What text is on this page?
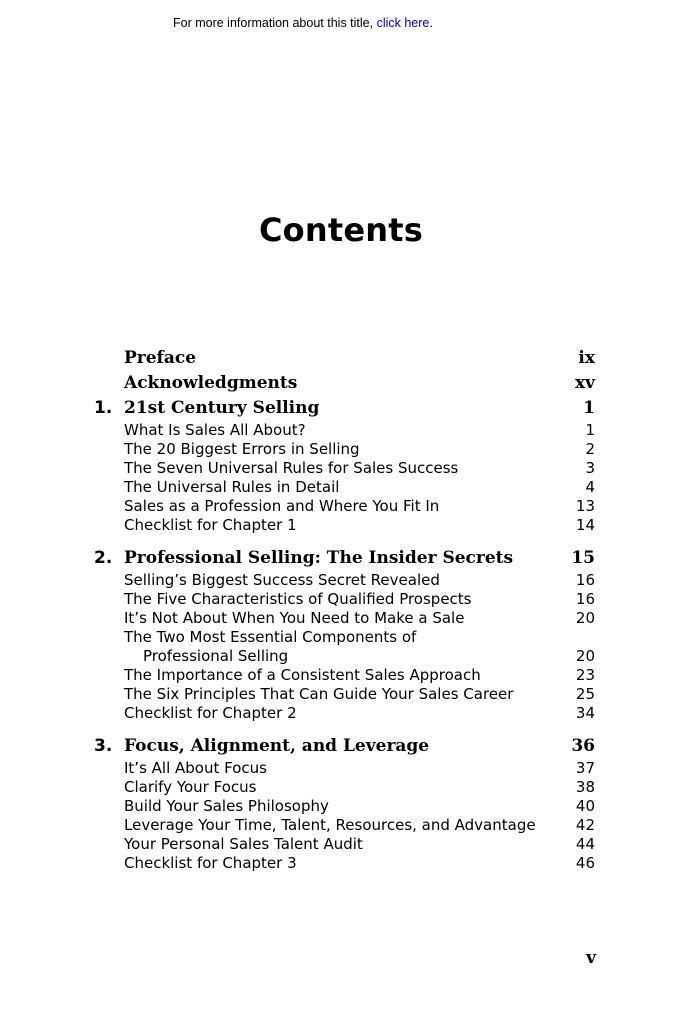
For more information about this title, click here.
Contents
Preface	ix
Acknowledgments	xv
1. 21st Century Selling	1
What Is Sales All About?	1
The 20 Biggest Errors in Selling	2
The Seven Universal Rules for Sales Success	3
The Universal Rules in Detail	4
Sales as a Profession and Where You Fit In	13
Checklist for Chapter 1	14
2. Professional Selling: The Insider Secrets	15
Selling’s Biggest Success Secret Revealed	16
The Five Characteristics of Qualified Prospects	16
It’s Not About When You Need to Make a Sale	20
The Two Most Essential Components of
Professional Selling	20
The Importance of a Consistent Sales Approach	23
The Six Principles That Can Guide Your Sales Career	25
Checklist for Chapter 2	34
3. Focus, Alignment, and Leverage	36
It’s All About Focus	37
Clarify Your Focus	38
Build Your Sales Philosophy	40
Leverage Your Time, Talent, Resources, and Advantage	42
Your Personal Sales Talent Audit	44
Checklist for Chapter 3	46
v
